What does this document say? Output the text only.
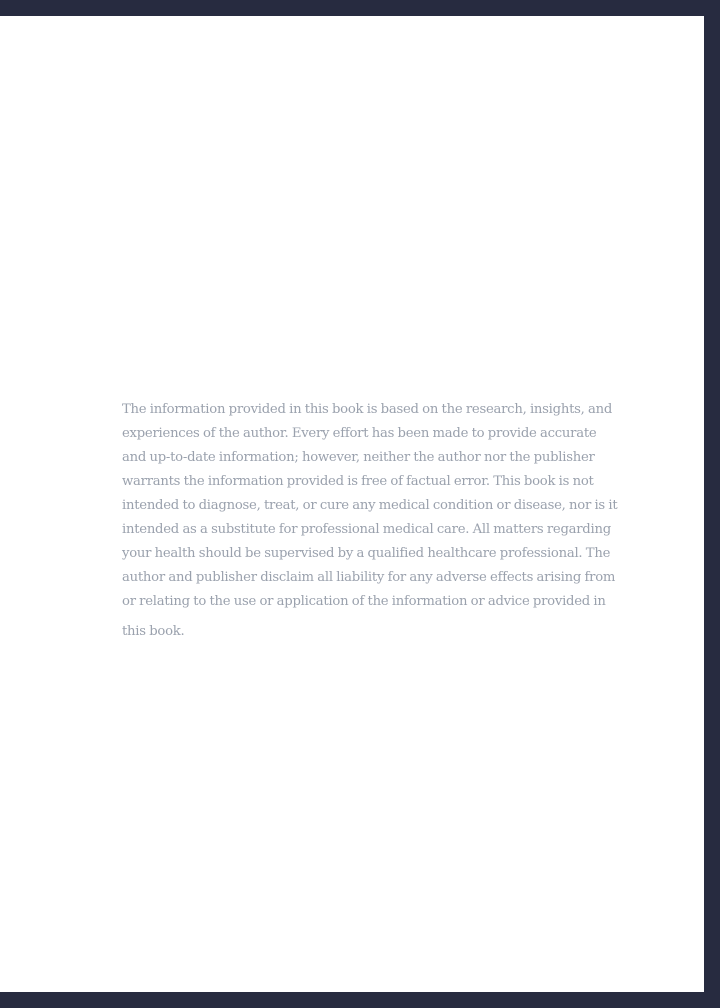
The information provided in this book is based on the research, insights, and
experiences of the author. Every effort has been made to provide accurate
and up-to-date information; however, neither the author nor the publisher
warrants the information provided is free of factual error. This book is not
intended to diagnose, treat, or cure any medical condition or disease, nor is it
intended as a substitute for professional medical care. All matters regarding
your health should be supervised by a qualified healthcare professional. The
author and publisher disclaim all liability for any adverse effects arising from
or relating to the use or application of the information or advice provided in
this book.
